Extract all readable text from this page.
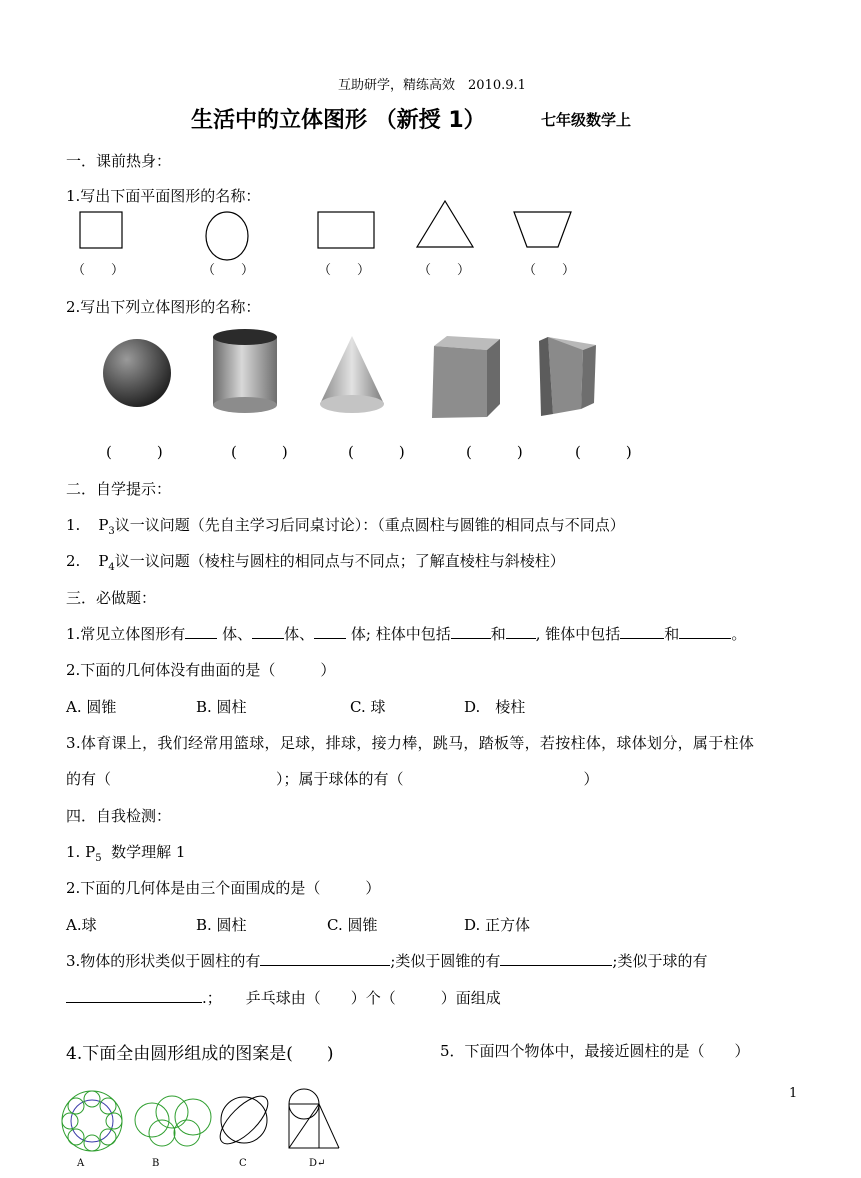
互助研学，精练高效　 2010.9.1
生活中的立体图形 （新授 1）	七年级数学上
一．课前热身：
1.写出下面平面图形的名称：
（　　）	（　　）	（　　）	（　　）	（　　）
2.写出下列立体图形的名称：
(　　　)	(　　　)	(　　　)	(　　　)	(　　　)
二．自学提示：
1. $P_3$议一议问题（先自主学习后同桌讨论）：（重点圆柱与圆锥的相同点与不同点）
2. $P_4$议一议问题（棱柱与圆柱的相同点与不同点；了解直棱柱与斜棱柱）
三．必做题：
1.常见立体图形有 体、 体、 体; 柱体中包括	和 , 锥体中包括	和	。
2.下面的几何体没有曲面的是（　　　）
A. 圆锥	B. 圆柱	C. 球	D.　棱柱
3.体育课上，我们经常用篮球，足球，排球，接力棒，跳马，踏板等，若按柱体，球体划分，属于柱体
的有（　　　　　　　　　　　）；属于球体的有（　　　　　　　　　　　　）
四．自我检测：
1. $P_5$ 数学理解 1
2.下面的几何体是由三个面围成的是（　　　）
A.球	B. 圆柱	C. 圆锥	D. 正方体
3.物体的形状类似于圆柱的有	;类似于圆锥的有	;类似于球的有
.； 乒乓球由（　　）个（　　　）面组成
4.下面全由圆形组成的图案是(　　)	5．下面四个物体中，最接近圆柱的是（　　）
1
A	B	C	D↵
